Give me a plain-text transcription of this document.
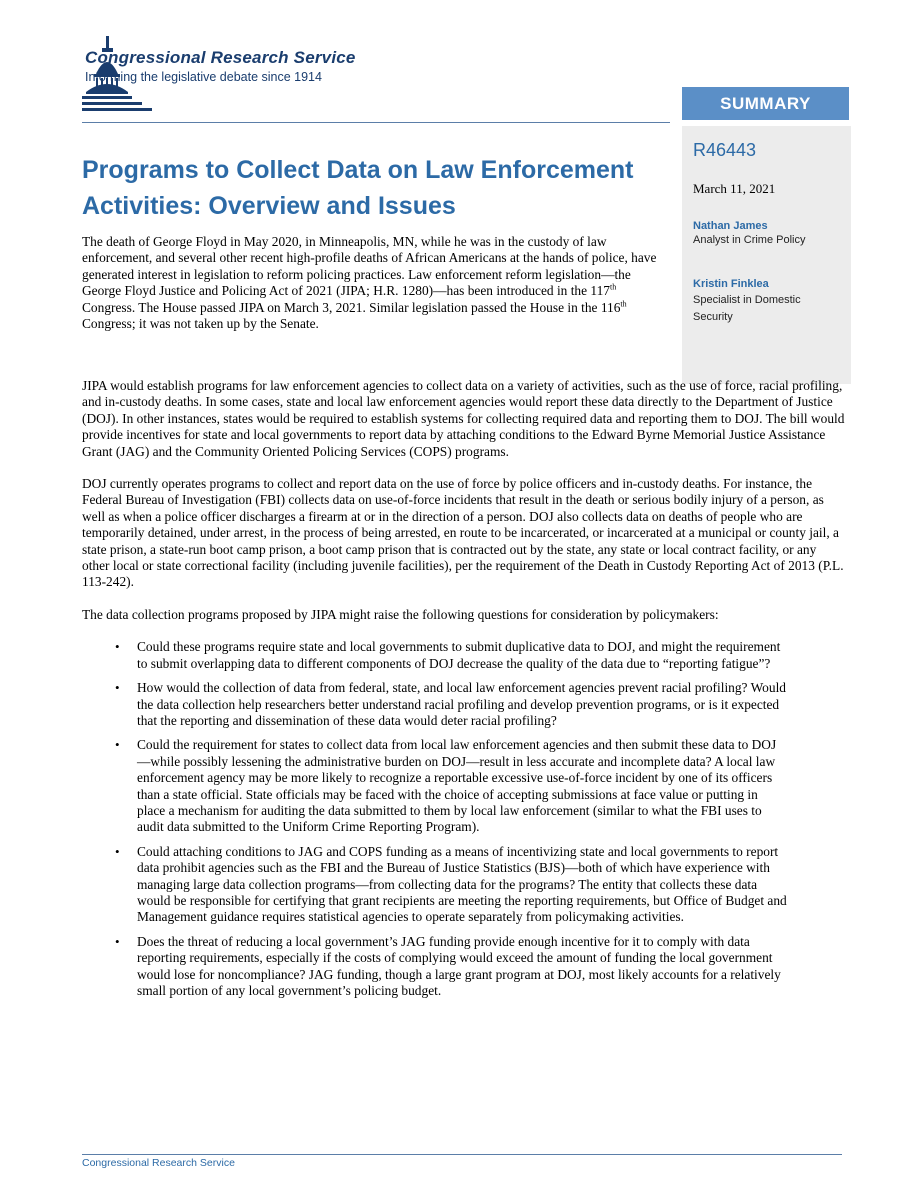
Congressional Research Service
Informing the legislative debate since 1914
SUMMARY
R46443
March 11, 2021
Nathan James
Analyst in Crime Policy
Kristin Finklea
Specialist in Domestic Security
Programs to Collect Data on Law Enforcement
Activities: Overview and Issues

The death of George Floyd in May 2020, in Minneapolis, MN, while he was in the custody of law enforcement, and several other recent high-profile deaths of African Americans at the hands of police, have generated interest in legislation to reform policing practices. Law enforcement reform legislation—the George Floyd Justice and Policing Act of 2021 (JIPA; H.R. 1280)—has been introduced in the 117th Congress. The House passed JIPA on March 3, 2021. Similar legislation passed the House in the 116th Congress; it was not taken up by the Senate.

JIPA would establish programs for law enforcement agencies to collect data on a variety of activities, such as the use of force, racial profiling, and in-custody deaths. In some cases, state and local law enforcement agencies would report these data directly to the Department of Justice (DOJ). In other instances, states would be required to establish systems for collecting required data and reporting them to DOJ. The bill would provide incentives for state and local governments to report data by attaching conditions to the Edward Byrne Memorial Justice Assistance Grant (JAG) and the Community Oriented Policing Services (COPS) programs.

DOJ currently operates programs to collect and report data on the use of force by police officers and in-custody deaths. For instance, the Federal Bureau of Investigation (FBI) collects data on use-of-force incidents that result in the death or serious bodily injury of a person, as well as when a police officer discharges a firearm at or in the direction of a person. DOJ also collects data on deaths of people who are temporarily detained, under arrest, in the process of being arrested, en route to be incarcerated, or incarcerated at a municipal or county jail, a state prison, a state-run boot camp prison, a boot camp prison that is contracted out by the state, any state or local contract facility, or any other local or state correctional facility (including juvenile facilities), per the requirement of the Death in Custody Reporting Act of 2013 (P.L. 113-242).

The data collection programs proposed by JIPA might raise the following questions for consideration by policymakers:

• Could these programs require state and local governments to submit duplicative data to DOJ, and might the requirement to submit overlapping data to different components of DOJ decrease the quality of the data due to “reporting fatigue”?
• How would the collection of data from federal, state, and local law enforcement agencies prevent racial profiling? Would the data collection help researchers better understand racial profiling and develop prevention programs, or is it expected that the reporting and dissemination of these data would deter racial profiling?
• Could the requirement for states to collect data from local law enforcement agencies and then submit these data to DOJ—while possibly lessening the administrative burden on DOJ—result in less accurate and incomplete data? A local law enforcement agency may be more likely to recognize a reportable excessive use-of-force incident by one of its officers than a state official. State officials may be faced with the choice of accepting submissions at face value or putting in place a mechanism for auditing the data submitted to them by local law enforcement (similar to what the FBI uses to audit data submitted to the Uniform Crime Reporting Program).
• Could attaching conditions to JAG and COPS funding as a means of incentivizing state and local governments to report data prohibit agencies such as the FBI and the Bureau of Justice Statistics (BJS)—both of which have experience with managing large data collection programs—from collecting data for the programs? The entity that collects these data would be responsible for certifying that grant recipients are meeting the reporting requirements, but Office of Budget and Management guidance requires statistical agencies to operate separately from policymaking activities.
• Does the threat of reducing a local government’s JAG funding provide enough incentive for it to comply with data reporting requirements, especially if the costs of complying would exceed the amount of funding the local government would lose for noncompliance? JAG funding, though a large grant program at DOJ, most likely accounts for a relatively small portion of any local government’s policing budget.
Congressional Research Service
